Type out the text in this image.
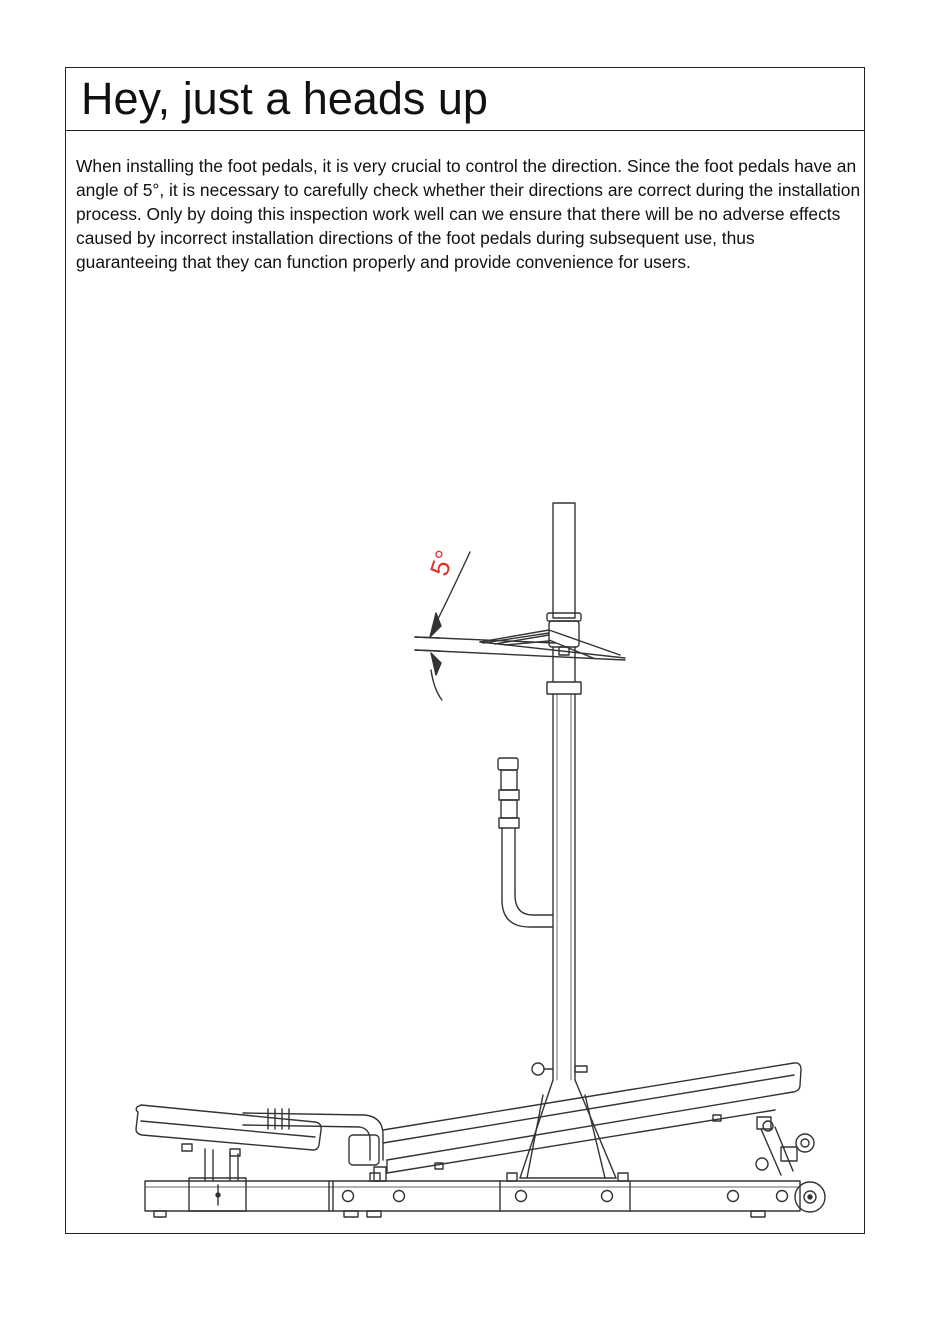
Hey, just a heads up

When installing the foot pedals, it is very crucial to control the direction. Since the foot pedals have an angle of 5°, it is necessary to carefully check whether their directions are correct during the installation process. Only by doing this inspection work well can we ensure that there will be no adverse effects caused by incorrect installation directions of the foot pedals during subsequent use, thus guaranteeing that they can function properly and provide convenience for users.

5°
